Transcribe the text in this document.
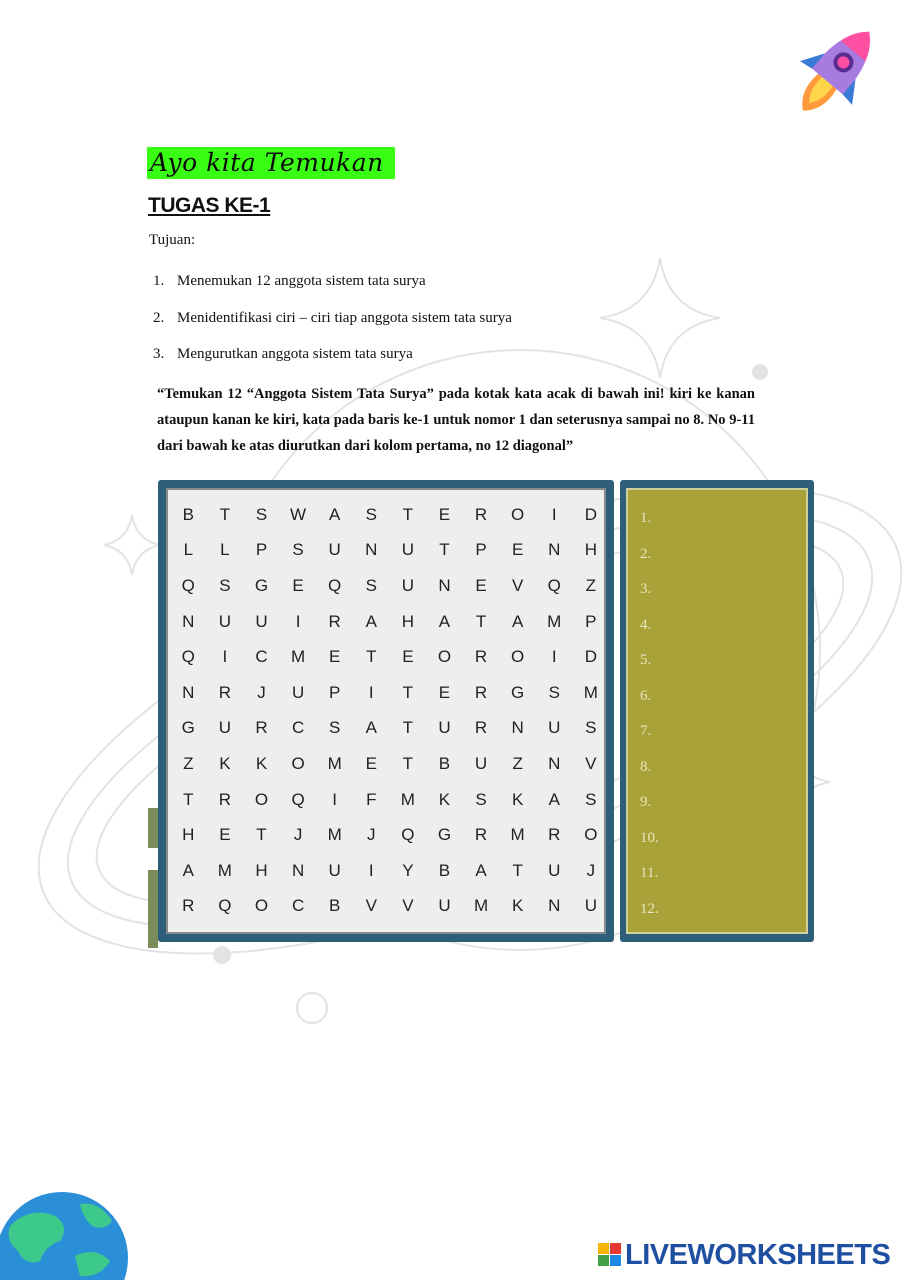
Ayo kita Temukan
TUGAS KE-1
Tujuan:
1. Menemukan 12 anggota sistem tata surya
2. Menidentifikasi ciri – ciri tiap anggota sistem tata surya
3. Mengurutkan anggota sistem tata surya
“Temukan 12 “Anggota Sistem Tata Surya” pada kotak kata acak di bawah ini! kiri ke kanan ataupun kanan ke kiri, kata pada baris ke-1 untuk nomor 1 dan seterusnya sampai no 8. No 9-11 dari bawah ke atas diurutkan dari kolom pertama, no 12 diagonal”
B	T	S	W	A	S	T	E	R	O	I	D
L	L	P	S	U	N	U	T	P	E	N	H
Q	S	G	E	Q	S	U	N	E	V	Q	Z
N	U	U	I	R	A	H	A	T	A	M	P
Q	I	C	M	E	T	E	O	R	O	I	D
N	R	J	U	P	I	T	E	R	G	S	M
G	U	R	C	S	A	T	U	R	N	U	S
Z	K	K	O	M	E	T	B	U	Z	N	V
T	R	O	Q	I	F	M	K	S	K	A	S
H	E	T	J	M	J	Q	G	R	M	R	O
A	M	H	N	U	I	Y	B	A	T	U	J
R	Q	O	C	B	V	V	U	M	K	N	U
1.
2.
3.
4.
5.
6.
7.
8.
9.
10.
11.
12.
LIVEWORKSHEETS
